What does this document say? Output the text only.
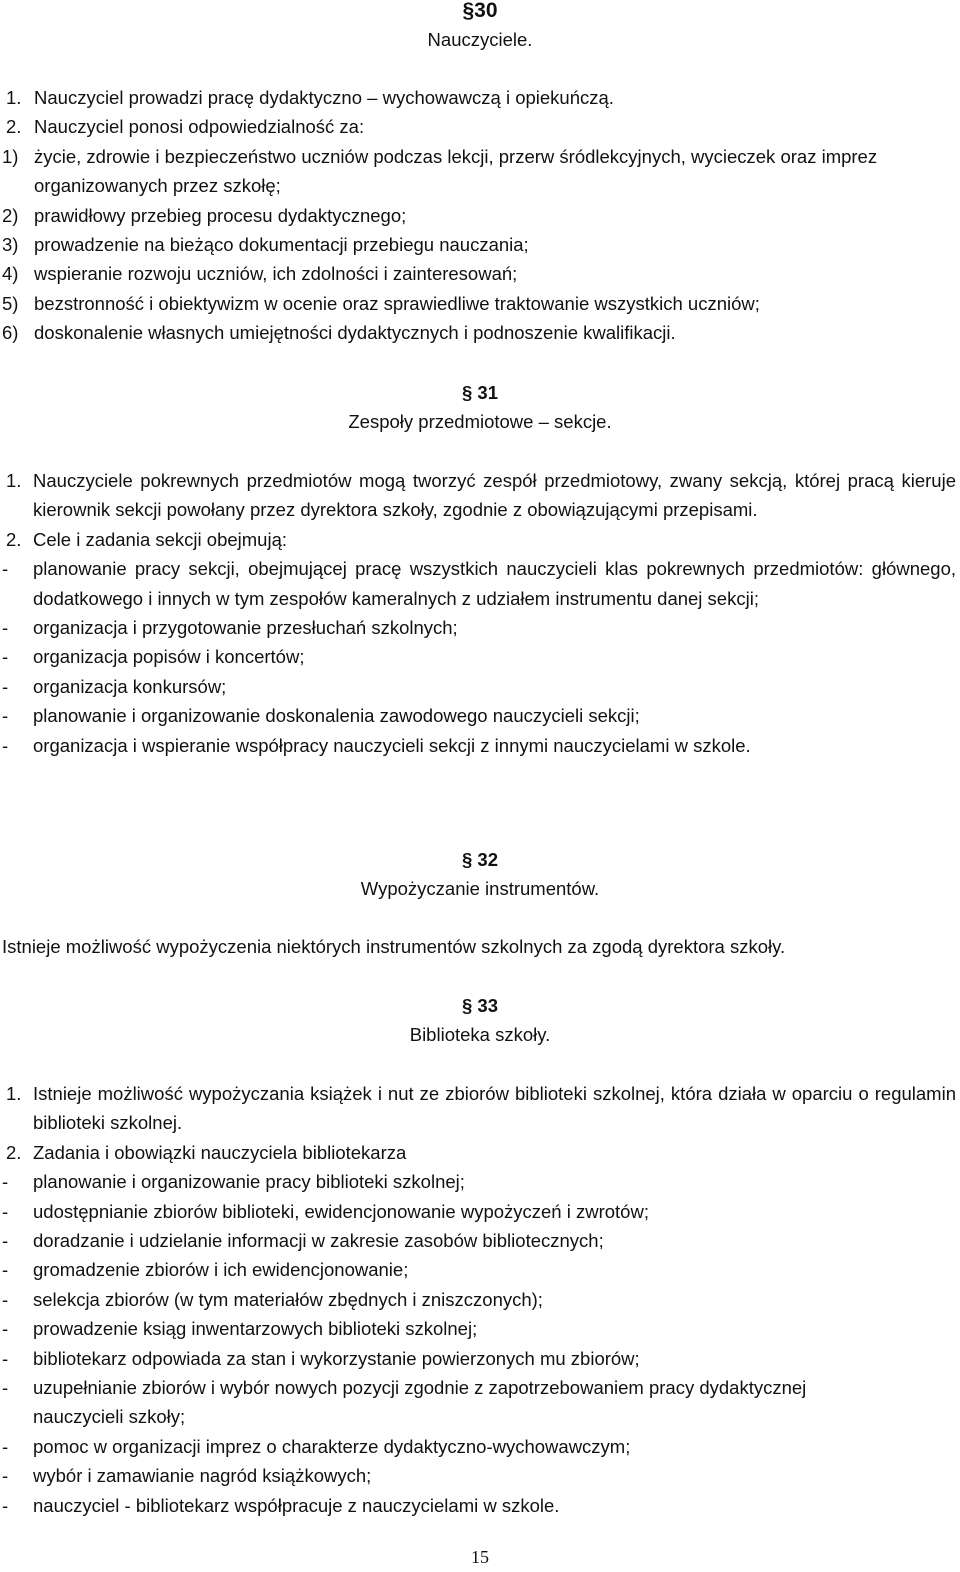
§30

Nauczyciele.

1. Nauczyciel prowadzi pracę dydaktyczno – wychowawczą i opiekuńczą.
2. Nauczyciel ponosi odpowiedzialność za:
1) życie, zdrowie i bezpieczeństwo uczniów podczas lekcji, przerw śródlekcyjnych, wycieczek oraz imprez organizowanych przez szkołę;
2) prawidłowy przebieg procesu dydaktycznego;
3) prowadzenie na bieżąco dokumentacji przebiegu nauczania;
4) wspieranie rozwoju uczniów, ich zdolności i zainteresowań;
5) bezstronność i obiektywizm w ocenie oraz sprawiedliwe traktowanie wszystkich uczniów;
6) doskonalenie własnych umiejętności dydaktycznych i podnoszenie kwalifikacji.

§ 31

Zespoły przedmiotowe – sekcje.

1. Nauczyciele pokrewnych przedmiotów mogą tworzyć zespół przedmiotowy, zwany sekcją, której pracą kieruje kierownik sekcji powołany przez dyrektora szkoły, zgodnie z obowiązującymi przepisami.
2. Cele i zadania sekcji obejmują:
-	planowanie pracy sekcji, obejmującej pracę wszystkich nauczycieli klas pokrewnych przedmiotów: głównego, dodatkowego i innych w tym zespołów kameralnych z udziałem instrumentu danej sekcji;
-	organizacja i przygotowanie przesłuchań szkolnych;
-	organizacja popisów i koncertów;
-	organizacja konkursów;
-	planowanie i organizowanie doskonalenia zawodowego nauczycieli sekcji;
-	organizacja i wspieranie współpracy nauczycieli sekcji z innymi nauczycielami w szkole.

§ 32

Wypożyczanie instrumentów.

Istnieje możliwość wypożyczenia niektórych instrumentów szkolnych za zgodą dyrektora szkoły.

§ 33

Biblioteka szkoły.

1. Istnieje możliwość wypożyczania książek i nut ze zbiorów biblioteki szkolnej, która działa w oparciu o regulamin biblioteki szkolnej.
2. Zadania i obowiązki nauczyciela bibliotekarza
-	planowanie i organizowanie pracy biblioteki szkolnej;
-	udostępnianie zbiorów biblioteki, ewidencjonowanie wypożyczeń i zwrotów;
-	doradzanie i udzielanie informacji w zakresie zasobów bibliotecznych;
-	gromadzenie zbiorów i ich ewidencjonowanie;
-	selekcja zbiorów (w tym materiałów zbędnych i zniszczonych);
-	prowadzenie ksiąg inwentarzowych biblioteki szkolnej;
-	bibliotekarz odpowiada za stan i wykorzystanie powierzonych mu zbiorów;
-	uzupełnianie zbiorów i wybór nowych pozycji zgodnie z zapotrzebowaniem pracy dydaktycznej nauczycieli szkoły;
-	pomoc w organizacji imprez o charakterze dydaktyczno-wychowawczym;
-	wybór i zamawianie nagród książkowych;
-	nauczyciel - bibliotekarz współpracuje z nauczycielami w szkole.
15
